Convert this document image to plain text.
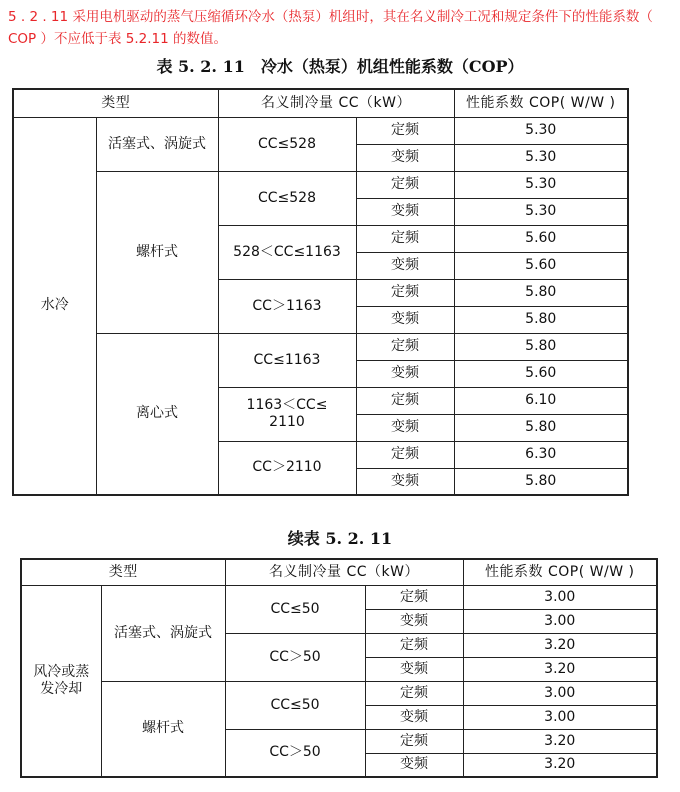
5 . 2 . 11 采用电机驱动的蒸气压缩循环冷水（热泵）机组时，其在名义制冷工况和规定条件下的性能系数（ COP ）不应低于表 5.2.11 的数值。
表 5. 2. 11　冷水（热泵）机组性能系数（COP）
类型		名义制冷量 CC（kW）		性能系数 COP( W/W )
水冷	活塞式、涡旋式	CC≤528	定频	5.30
			变频	5.30
	螺杆式	CC≤528	定频	5.30
			变频	5.30
		528＜CC≤1163	定频	5.60
			变频	5.60
		CC＞1163	定频	5.80
			变频	5.80
	离心式	CC≤1163	定频	5.80
			变频	5.60
		1163＜CC≤ 2110	定频	6.10
			变频	5.80
		CC＞2110	定频	6.30
			变频	5.80
续表 5. 2. 11
类型		名义制冷量 CC（kW）		性能系数 COP( W/W )
风冷或蒸发冷却	活塞式、涡旋式	CC≤50	定频	3.00
			变频	3.00
		CC＞50	定频	3.20
			变频	3.20
	螺杆式	CC≤50	定频	3.00
			变频	3.00
		CC＞50	定频	3.20
			变频	3.20
